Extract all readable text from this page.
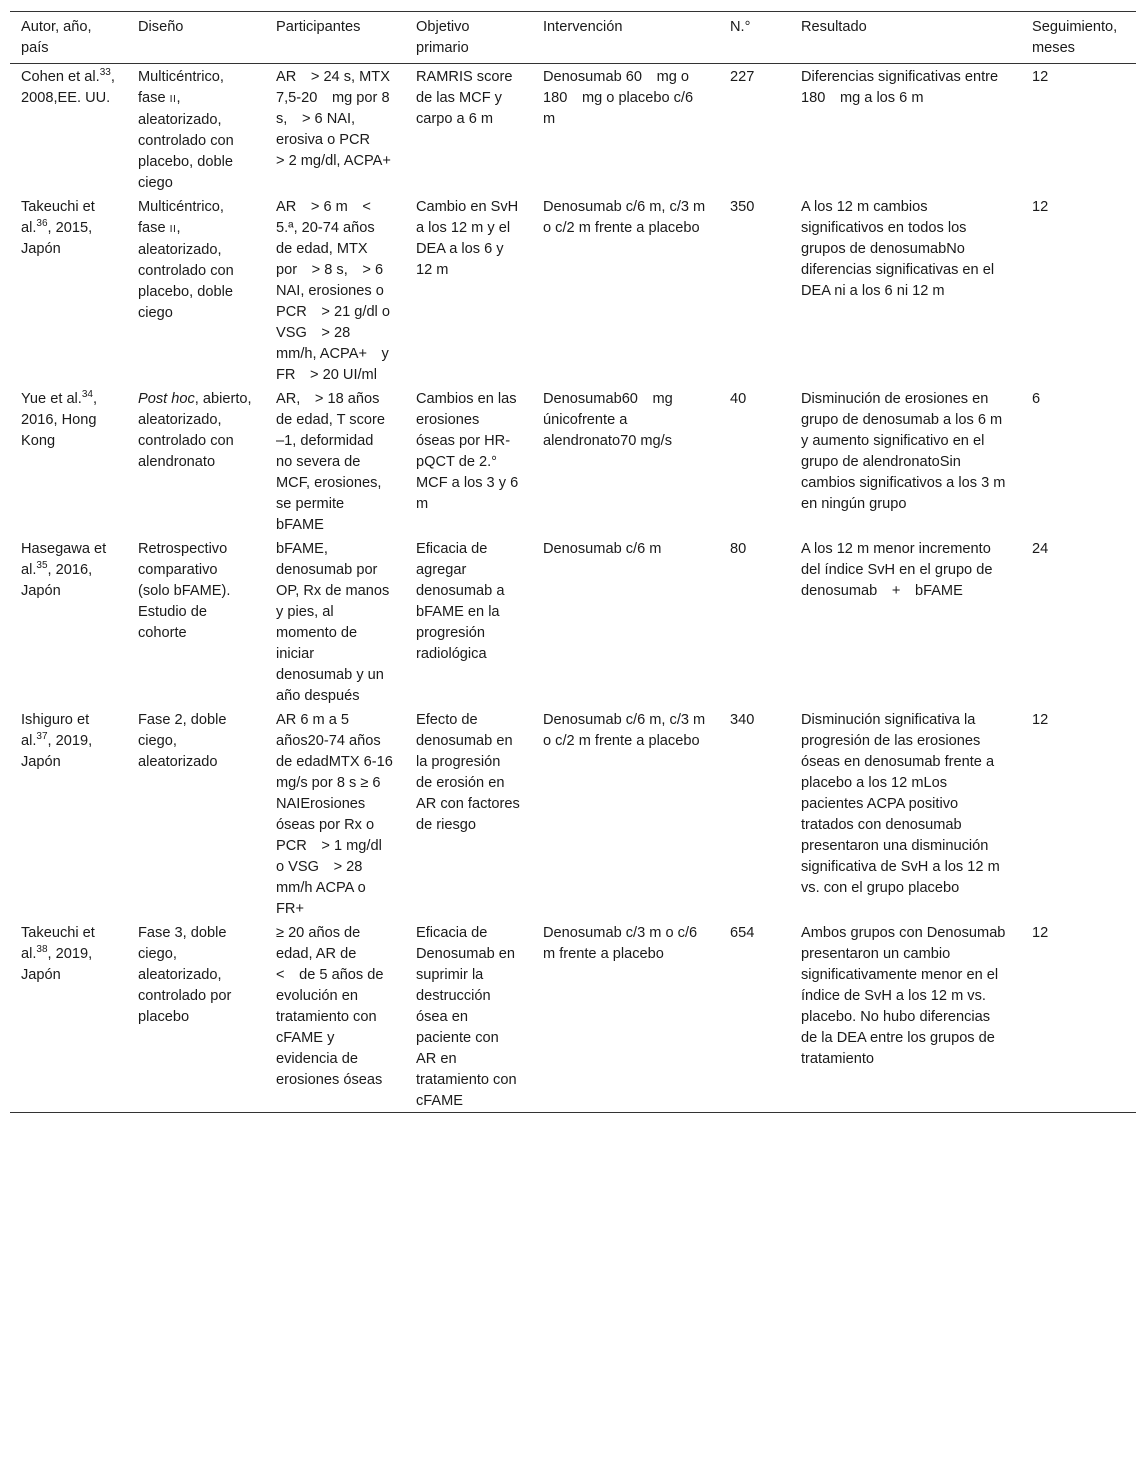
Autor, año, país	Diseño	Participantes	Objetivo primario	Intervención	N.°	Resultado	Seguimiento, meses
Cohen et al.$^{33}$, 2008,EE. UU.	Multicéntrico, fase II, aleatorizado, controlado con placebo, doble ciego	AR > 24 s, MTX 7,5-20 mg por 8 s, > 6 NAI, erosiva o PCR > 2 mg/dl, ACPA+	RAMRIS score de las MCF y carpo a 6 m	Denosumab 60 mg o 180 mg o placebo c/6 m	227	Diferencias significativas entre 180 mg a los 6 m	12
Takeuchi et al.$^{36}$, 2015, Japón	Multicéntrico, fase II, aleatorizado, controlado con placebo, doble ciego	AR > 6 m < 5.ª, 20-74 años de edad, MTX por > 8 s, > 6 NAI, erosiones o PCR > 21 g/dl o VSG > 28 mm/h, ACPA+ y FR > 20 UI/ml	Cambio en SvH a los 12 m y el DEA a los 6 y 12 m	Denosumab c/6 m, c/3 m o c/2 m frente a placebo	350	A los 12 m cambios significativos en todos los grupos de denosumabNo diferencias significativas en el DEA ni a los 6 ni 12 m	12
Yue et al.$^{34}$, 2016, Hong Kong	Post hoc, abierto, aleatorizado, controlado con alendronato	AR, > 18 años de edad, T score –1, deformidad no severa de MCF, erosiones, se permite bFAME	Cambios en las erosiones óseas por HR-pQCT de 2.° MCF a los 3 y 6 m	Denosumab60 mg únicofrente a alendronato70 mg/s	40	Disminución de erosiones en grupo de denosumab a los 6 m y aumento significativo en el grupo de alendronatoSin cambios significativos a los 3 m en ningún grupo	6
Hasegawa et al.$^{35}$, 2016, Japón	Retrospectivo comparativo (solo bFAME). Estudio de cohorte	bFAME, denosumab por OP, Rx de manos y pies, al momento de iniciar denosumab y un año después	Eficacia de agregar denosumab a bFAME en la progresión radiológica	Denosumab c/6 m	80	A los 12 m menor incremento del índice SvH en el grupo de denosumab + bFAME	24
Ishiguro et al.$^{37}$, 2019, Japón	Fase 2, doble ciego, aleatorizado	AR 6 m a 5 años20-74 años de edadMTX 6-16 mg/s por 8 s ≥ 6 NAIErosiones óseas por Rx o PCR > 1 mg/dl o VSG > 28 mm/h ACPA o FR+	Efecto de denosumab en la progresión de erosión en AR con factores de riesgo	Denosumab c/6 m, c/3 m o c/2 m frente a placebo	340	Disminución significativa la progresión de las erosiones óseas en denosumab frente a placebo a los 12 mLos pacientes ACPA positivo tratados con denosumab presentaron una disminución significativa de SvH a los 12 m vs. con el grupo placebo	12
Takeuchi et al.$^{38}$, 2019, Japón	Fase 3, doble ciego, aleatorizado, controlado por placebo	≥ 20 años de edad, AR de < de 5 años de evolución en tratamiento con cFAME y evidencia de erosiones óseas	Eficacia de Denosumab en suprimir la destrucción ósea en paciente con AR en tratamiento con cFAME	Denosumab c/3 m o c/6 m frente a placebo	654	Ambos grupos con Denosumab presentaron un cambio significativamente menor en el índice de SvH a los 12 m vs. placebo. No hubo diferencias de la DEA entre los grupos de tratamiento	12
